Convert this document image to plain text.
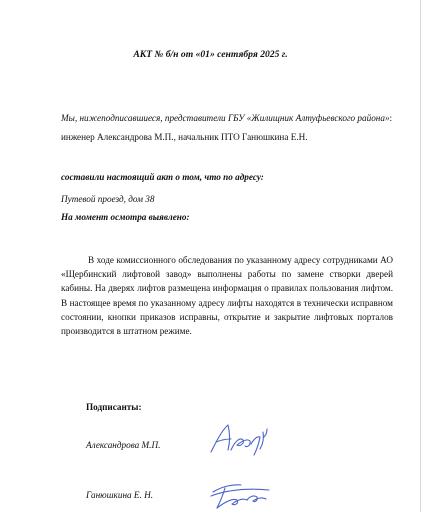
АКТ № б/н от «01» сентября 2025 г.
Мы, нижеподписавшиеся, представители ГБУ «Жилищник Алтуфьевского района»: инженер Александрова М.П., начальник ПТО Ганюшкина Е.Н.
составили настоящий акт о том, что по адресу:
Путевой проезд, дом 38
На момент осмотра выявлено:
В ходе комиссионного обследования по указанному адресу сотрудниками АО «Щербинский лифтовой завод» выполнены работы по замене створки дверей кабины. На дверях лифтов размещена информация о правилах пользования лифтом. В настоящее время по указанному адресу лифты находятся в технически исправном состоянии, кнопки приказов исправны, открытие и закрытие лифтовых порталов производится в штатном режиме.
Подписанты:
Александрова М.П.
Ганюшкина Е. Н.
